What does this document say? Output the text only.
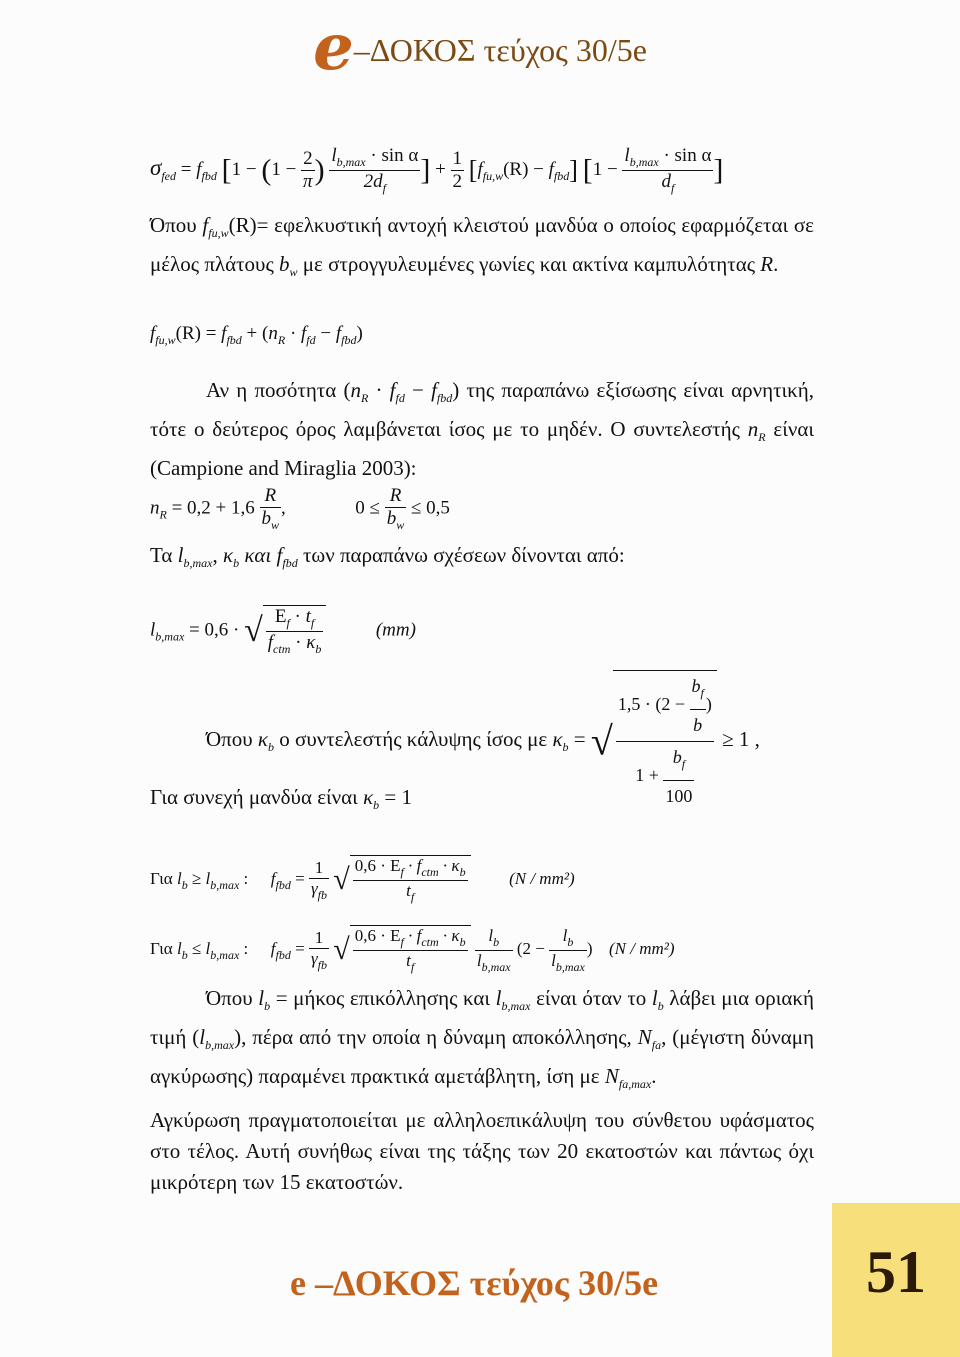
e–ΔΟΚΟΣ τεύχος 30/5e
$\sigma_{fed} = f_{fbd}$ [$1 - (1 - \frac{2}{\pi}$ ) $\frac{l_{b,max} \cdot \sin \alpha}{2d_f}$ ] + $\frac{1}{2} [f_{fu,w}(R) - f_{fbd}] [1 - \frac{l_{b,max} \cdot \sin \alpha}{d_f}$ ]
Όπου $f_{fu,w}(R)= \varepsilon\varphi\varepsilon\lambda\kappa\upsilon\sigma\tau\iota\kappa ή$ αντοχή κλειστού μανδύα ο οποίος εφαρμόζεται σε μέλος πλάτους $b_w$ με στρογγυλευμένες γωνίες και ακτίνα καμπυλότητας R.
$f_{fu,w}(R) = f_{fbd} + (n_R \cdot f_{fd} - f_{fbd})$
Αν η ποσότητα $(n_R \cdot f_{fd} - f_{fbd})$ της παραπάνω εξίσωσης είναι αρνητική, τότε ο δεύτερος όρος λαμβάνεται ίσος με το μηδέν. Ο συντελεστής $n_R$ είναι (Campione and Miraglia 2003):
$n_R = 0,2 + 1,6 \frac{R}{b_w}$ ,	$0 \le \frac{R}{b_w} \le 0,5$
Τα $l_{b,max}$, $\kappa_b$ και $f_{fbd}$ των παραπάνω σχέσεων δίνονται από:
$l_{b,max} = 0,6$ · √ $\frac{E_f \cdot t_f}{f_{ctm} \cdot \kappa_b}$	(mm)
Όπου $\kappa_b$ ο συντελεστής κάλυψης ίσος με $\kappa_b$ = √ $\frac{1,5 \cdot (2 - \frac{b_f}{b} )}{1 + \frac{b_f}{100}} \ge 1$ ,
Για συνεχή μανδύα είναι $\kappa_b = 1$
Για $l_b \ge l_{b,max}$ : $f_{fbd} = \frac{1}{\gamma_{fb}}$ √ $\frac{0,6 \cdot E_f \cdot f_{ctm} \cdot \kappa_b}{t_f} (N / mm^2)$
Για $l_b \le l_{b,max}$ : $f_{fbd} = \frac{1}{\gamma_{fb}}$ √ $\frac{0,6 \cdot E_f \cdot f_{ctm} \cdot \kappa_b}{t_f}$
$\frac{l_b}{l_{b,max}} (2 - \frac{l_b}{l_{b,max}}$ )  (N / mm²)
Όπου $l_b = \mu ή\kappa o\varsigma$ επικόλλησης και $l_{b,max}$ είναι όταν το $l_b$ λάβει μια οριακή τιμή $(l_{b,max})$, πέρα από την οποία η δύναμη αποκόλλησης, $N_{fa}$, (μέγιστη δύναμη αγκύρωσης) παραμένει πρακτικά αμετάβλητη, ίση με $N_{fa,max}$.
Αγκύρωση πραγματοποιείται με αλληλοεπικάλυψη του σύνθετου υφάσματος στο τέλος. Αυτή συνήθως είναι της τάξης των 20 εκατοστών και πάντως όχι μικρότερη των 15 εκατοστών.
e –ΔΟΚΟΣ τεύχος 30/5e	51
